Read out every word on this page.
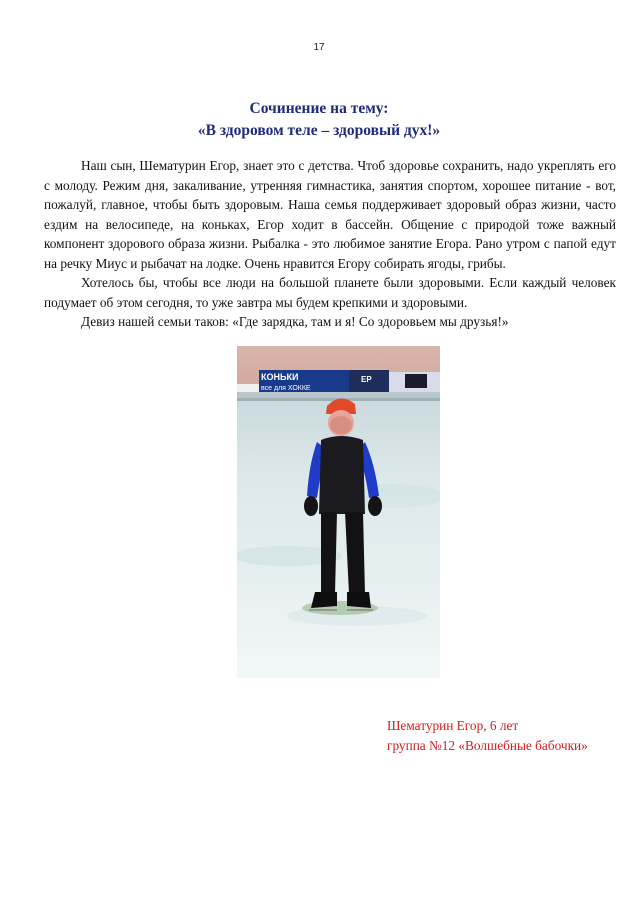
17
Сочинение на тему:
«В здоровом теле – здоровый дух!»

Наш сын, Шематурин Егор, знает это с детства. Чтоб здоровье сохранить, надо укреплять его с молоду. Режим дня, закаливание, утренняя гимнастика, занятия спортом, хорошее питание - вот, пожалуй, главное, чтобы быть здоровым. Наша семья поддерживает здоровый образ жизни, часто ездим на велосипеде, на коньках, Егор ходит в бассейн. Общение с природой тоже важный компонент здорового образа жизни. Рыбалка - это любимое занятие Егора. Рано утром с папой едут на речку Миус и рыбачат на лодке. Очень нравится Егору собирать ягоды, грибы.

Хотелось бы, чтобы все люди на большой планете были здоровыми. Если каждый человек подумает об этом сегодня, то уже завтра мы будем крепкими и здоровыми.

Девиз нашей семьи таков: «Где зарядка, там и я! Со здоровьем мы друзья!»

КОНЬКИ
все для ХОККЕ
ЕР
Шематурин Егор, 6 лет
группа №12 «Волшебные бабочки»
